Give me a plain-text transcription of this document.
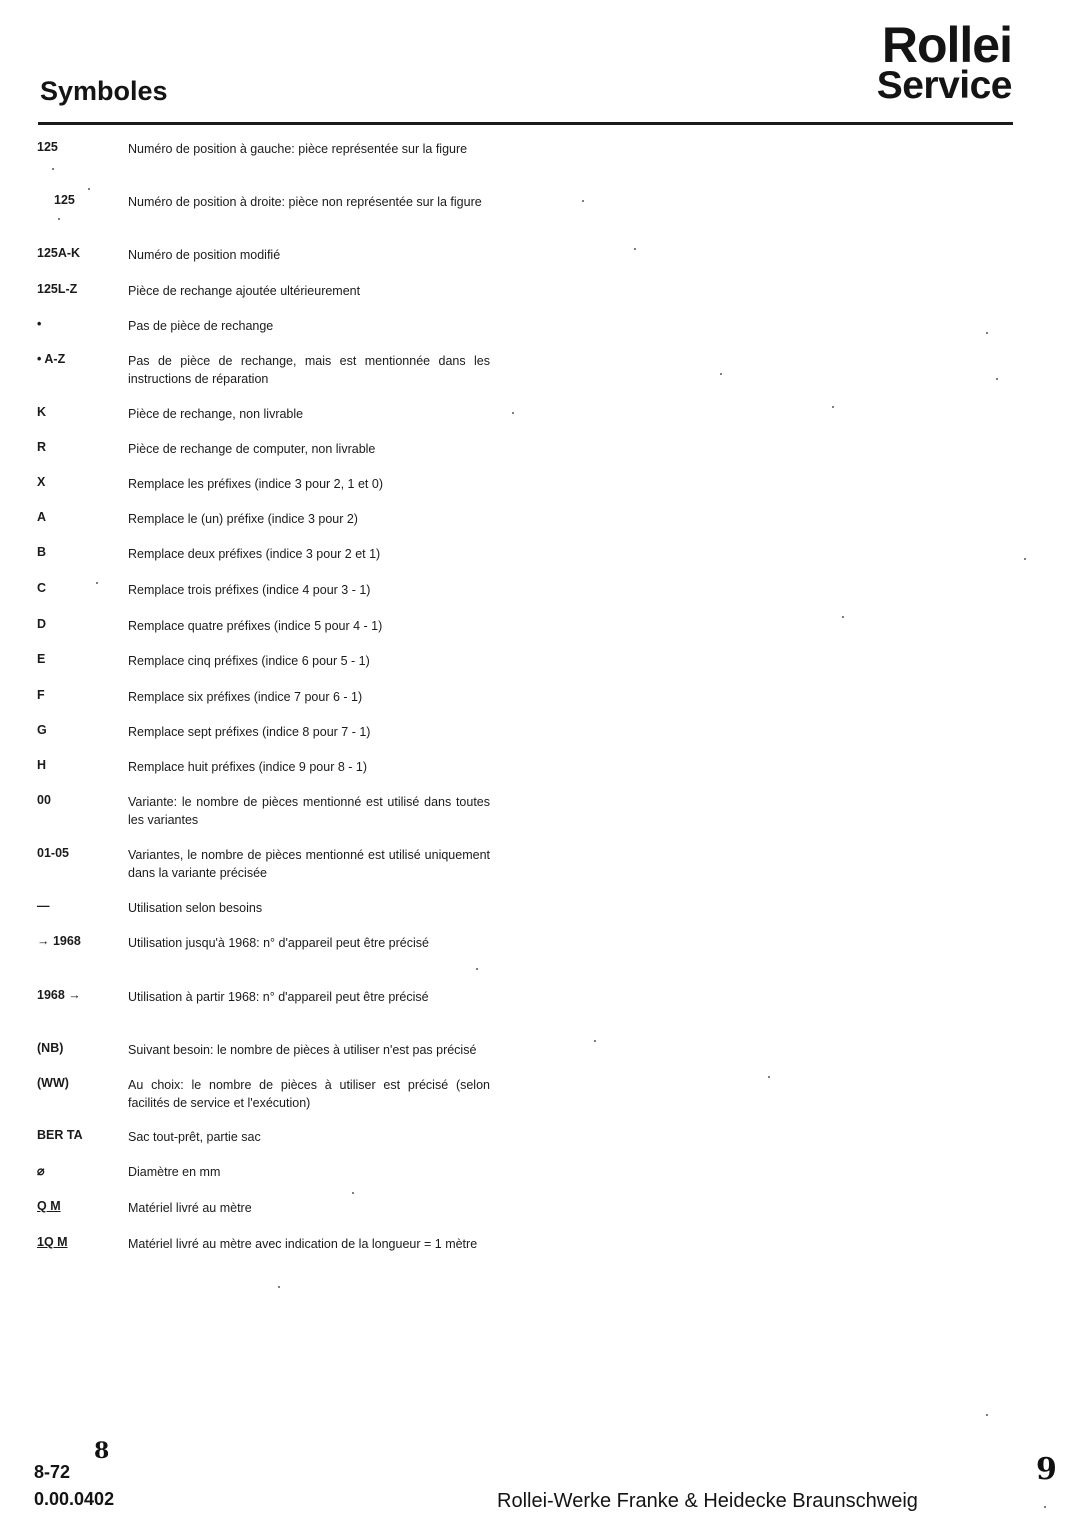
Symboles
Rollei
Service
125	Numéro de position à gauche: pièce représentée sur la figure
125	Numéro de position à droite: pièce non représentée sur la figure
125A-K	Numéro de position modifié
125L-Z	Pièce de rechange ajoutée ultérieurement
•	Pas de pièce de rechange
• A-Z	Pas de pièce de rechange, mais est mentionnée dans les instructions de réparation
K	Pièce de rechange, non livrable
R	Pièce de rechange de computer, non livrable
X	Remplace les préfixes (indice 3 pour 2, 1 et 0)
A	Remplace le (un) préfixe (indice 3 pour 2)
B	Remplace deux préfixes (indice 3 pour 2 et 1)
C	Remplace trois préfixes (indice 4 pour 3 - 1)
D	Remplace quatre préfixes (indice 5 pour 4 - 1)
E	Remplace cinq préfixes (indice 6 pour 5 - 1)
F	Remplace six préfixes (indice 7 pour 6 - 1)
G	Remplace sept préfixes (indice 8 pour 7 - 1)
H	Remplace huit préfixes (indice 9 pour 8 - 1)
00	Variante: le nombre de pièces mentionné est utilisé dans toutes les variantes
01-05	Variantes, le nombre de pièces mentionné est utilisé uniquement dans la variante précisée
—	Utilisation selon besoins
→ 1968	Utilisation jusqu'à 1968: n° d'appareil peut être précisé
1968 →	Utilisation à partir 1968: n° d'appareil peut être précisé
(NB)	Suivant besoin: le nombre de pièces à utiliser n'est pas précisé
(WW)	Au choix: le nombre de pièces à utiliser est précisé (selon facilités de service et l'exécution)
BER TA	Sac tout-prêt, partie sac
⌀	Diamètre en mm
Q M	Matériel livré au mètre
1Q M	Matériel livré au mètre avec indication de la longueur = 1 mètre
8-72
8
0.00.0402
9
Rollei-Werke Franke & Heidecke Braunschweig
